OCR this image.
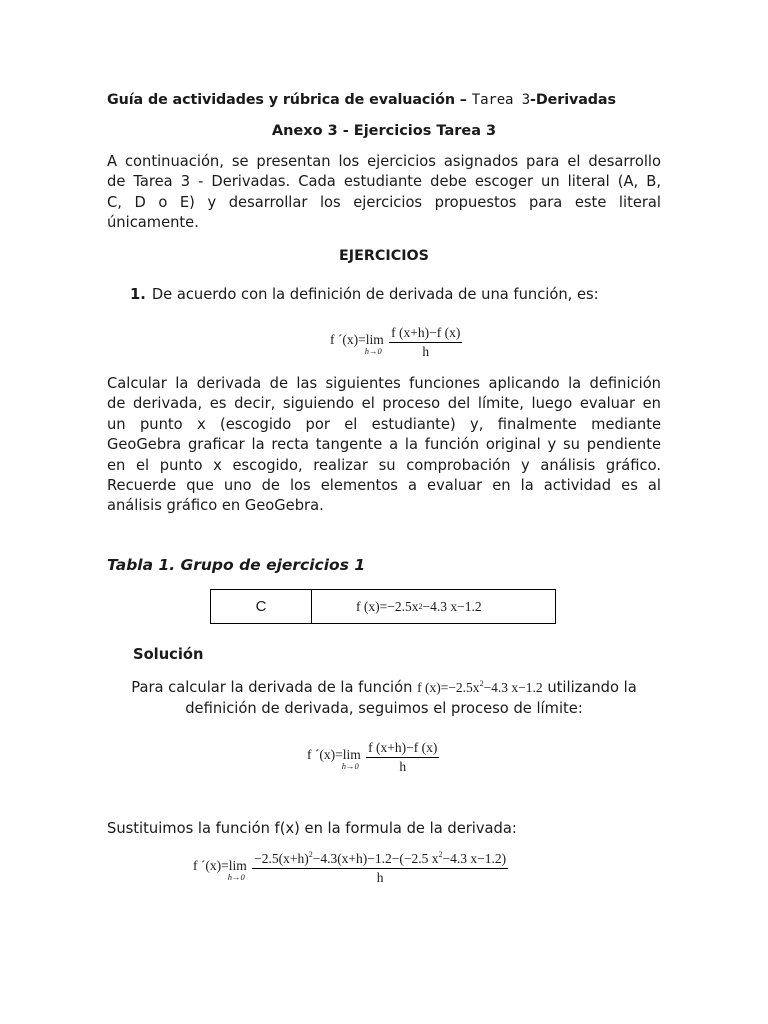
Guía de actividades y rúbrica de evaluación – Tarea 3-Derivadas
Anexo 3 - Ejercicios Tarea 3
A continuación, se presentan los ejercicios asignados para el desarrollo
de Tarea 3 - Derivadas. Cada estudiante debe escoger un literal (A, B,
C, D o E) y desarrollar los ejercicios propuestos para este literal
únicamente.
EJERCICIOS
1. De acuerdo con la definición de derivada de una función, es:
f ´(x)=lim
h→0
$\frac{f (x+h)-f (x)}{h}$
Calcular la derivada de las siguientes funciones aplicando la definición
de derivada, es decir, siguiendo el proceso del límite, luego evaluar en
un punto x (escogido por el estudiante) y, finalmente mediante
GeoGebra graficar la recta tangente a la función original y su pendiente
en el punto x escogido, realizar su comprobación y análisis gráfico.
Recuerde que uno de los elementos a evaluar en la actividad es al
análisis gráfico en GeoGebra.
Tabla 1. Grupo de ejercicios 1
C	f (x)=−2.5x 2 −4.3 x−1.2
Solución
Para calcular la derivada de la función f $(x)=-2.5x^2-4.3$ x−1.2 utilizando la
definición de derivada, seguimos el proceso de límite:
f ´(x)=lim
h→0
$\frac{f (x+h)-f (x)}{h}$
Sustituimos la función f(x) en la formula de la derivada:
f ´(x)=lim
h→0
$\frac{-2.5(x+h)^2-4.3(x+h)-1.2-(-2.5 x^2-4.3 x-1.2)}{h}$
